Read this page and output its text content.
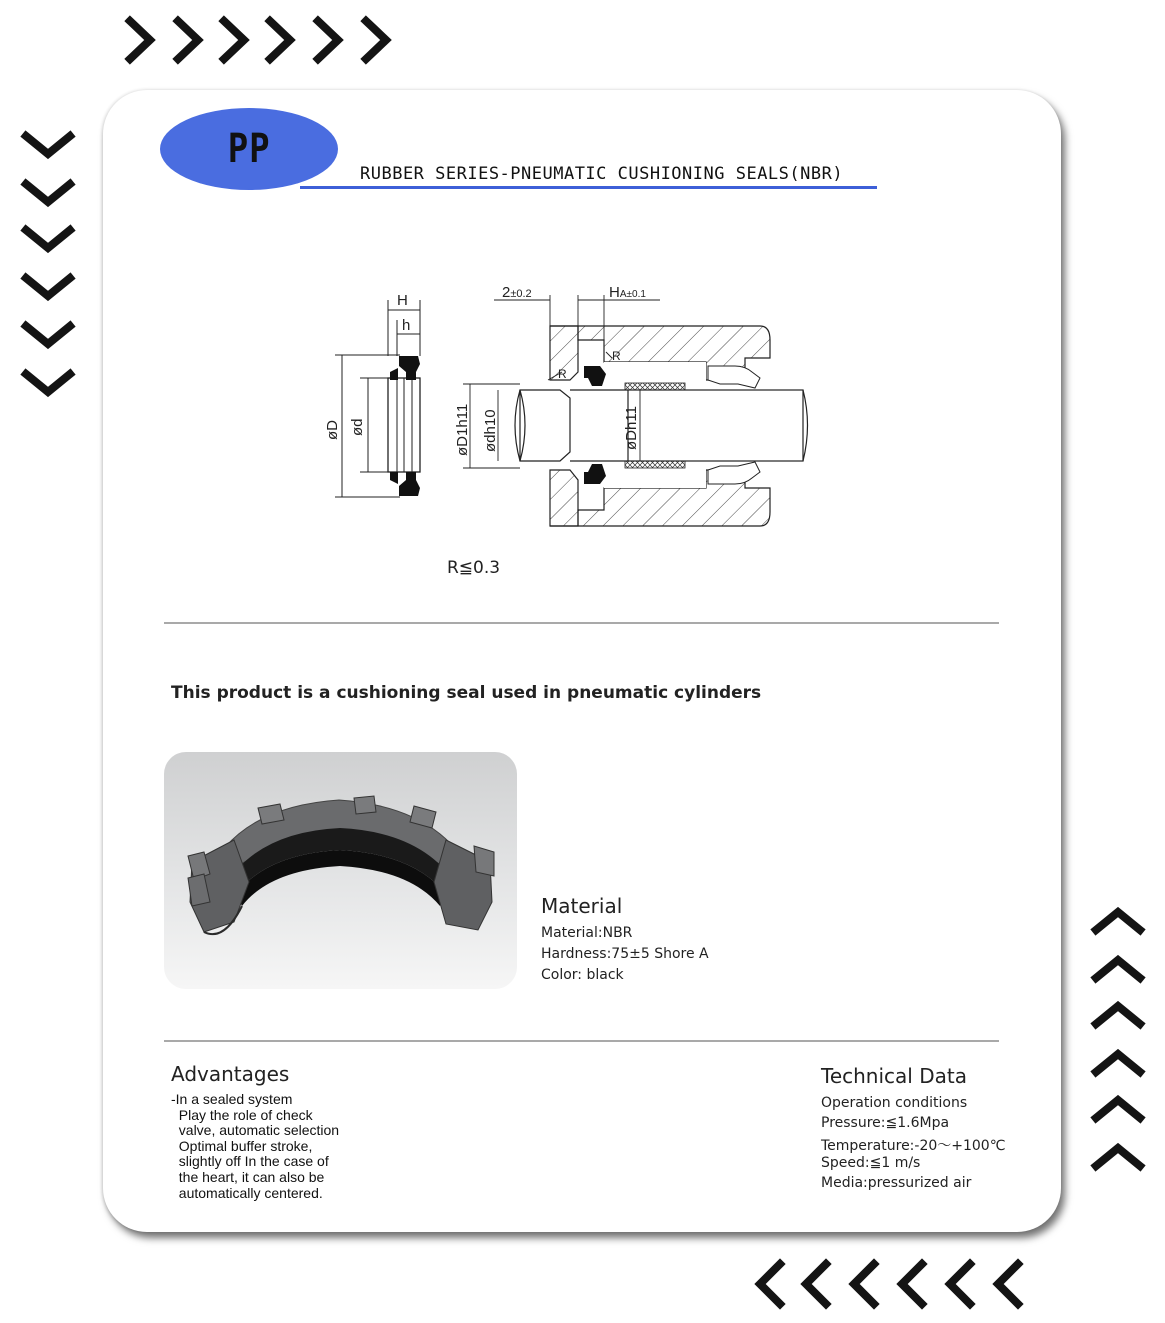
PP
RUBBER SERIES-PNEUMATIC CUSHIONING SEALS(NBR)
H
h
øD ød
2±0.2	HA±0.1
R
R
øD1h11 ødh10	øDh11
R≦0.3
This product is a cushioning seal used in pneumatic cylinders
Material
Material:NBR
Hardness:75±5 Shore A
Color: black
Advantages
-In a sealed system
Play the role of check
valve, automatic selection
Optimal buffer stroke,
slightly off In the case of
the heart, it can also be
automatically centered.
Technical Data
Operation conditions
Pressure:≦1.6Mpa
Temperature:-20～+100℃
Speed:≦1 m/s
Media:pressurized air
